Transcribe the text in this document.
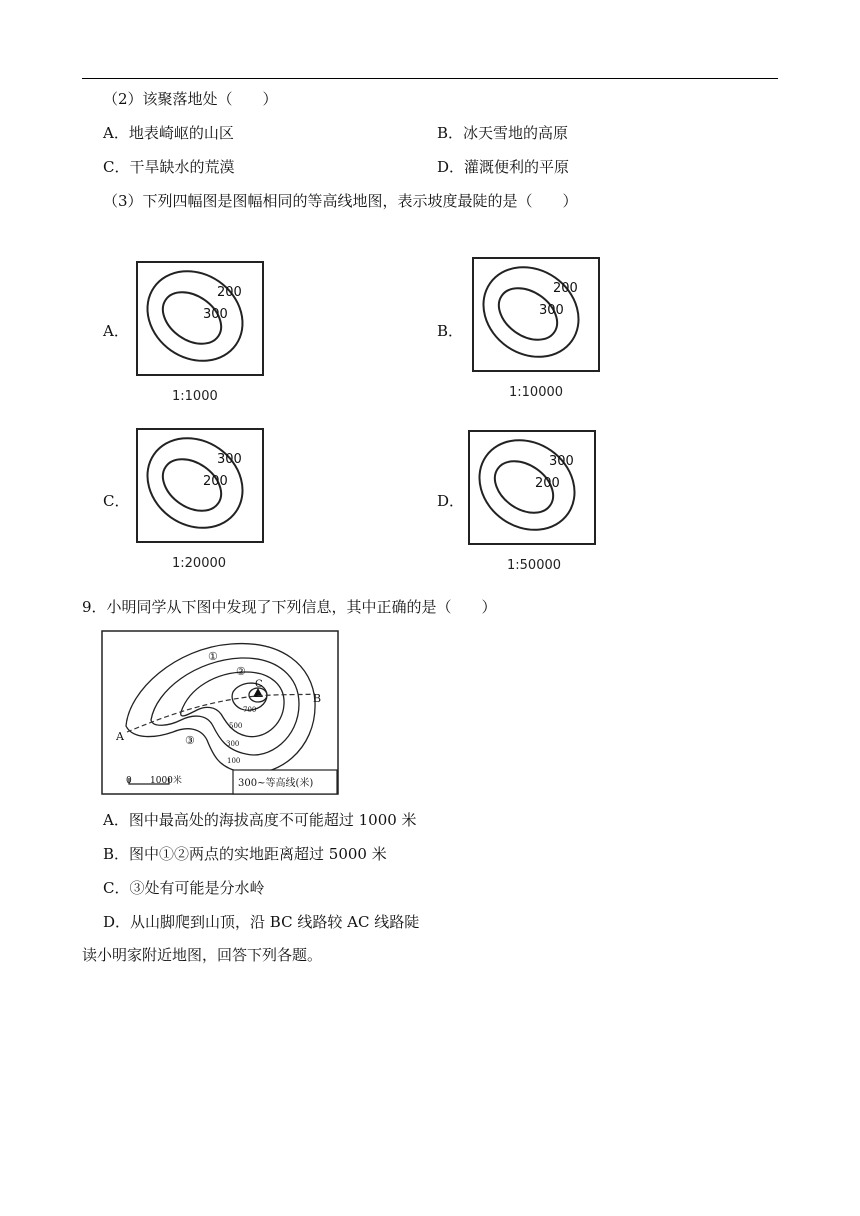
（2）该聚落地处（　　）
A．地表崎岖的山区	B．冰天雪地的高原
C．干旱缺水的荒漠	D．灌溉便利的平原
（3）下列四幅图是图幅相同的等高线地图，表示坡度最陡的是（　　）
A．
200
300
1:1000
B．
200
300
1:10000
C．
300
200
1:20000
D．
300
200
1:50000
9．小明同学从下图中发现了下列信息，其中正确的是（　　）
A
B
C
①
②
③
700
500
300
100
0 1000米	300~等高线(米)
A．图中最高处的海拔高度不可能超过 1000 米
B．图中①②两点的实地距离超过 5000 米
C．③处有可能是分水岭
D．从山脚爬到山顶，沿 BC 线路较 AC 线路陡
读小明家附近地图，回答下列各题。
